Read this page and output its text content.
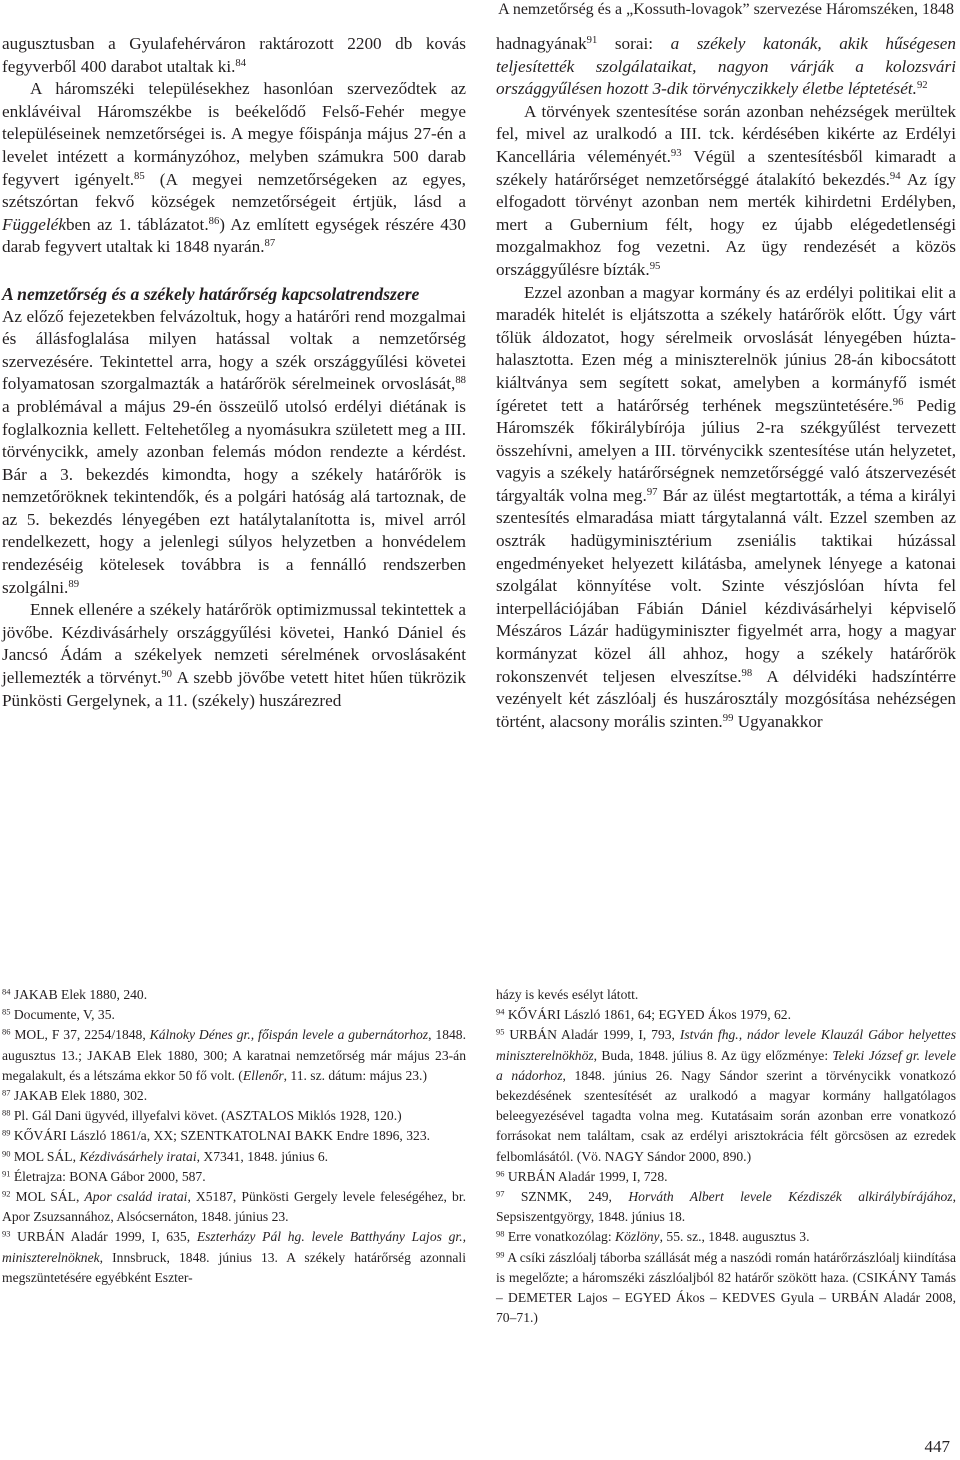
A nemzetőrség és a „Kossuth-lovagok” szervezése Háromszéken, 1848

augusztusban a Gyulafehérváron raktározott 2200 db kovás fegyverből 400 darabot utaltak ki.$^{84}$

A háromszéki településekhez hasonlóan szerveződtek az enklávéival Háromszékbe is beékelődő Felső-Fehér megye településeinek nemzetőrségei is. A megye főispánja május 27-én a levelet intézett a kormányzóhoz, melyben számukra 500 darab fegyvert igényelt.$^{85}$ (A megyei nemzetőrségeken az egyes, szétszórtan fekvő községek nemzetőrségeit értjük, lásd a Függelékben az 1. táblázatot.$^{86}$) Az említett egységek részére 430 darab fegyvert utaltak ki 1848 nyarán.$^{87}$

A nemzetőrség és a székely határőrség kapcsolatrendszere

Az előző fejezetekben felvázoltuk, hogy a határőri rend mozgalmai és állásfoglalása milyen hatással voltak a nemzetőrség szervezésére. Tekintettel arra, hogy a szék országgyűlési követei folyamatosan szorgalmazták a határőrök sérelmeinek orvoslását,$^{88}$ a problémával a május 29-én összeülő utolsó erdélyi diétának is foglalkoznia kellett. Feltehetőleg a nyomásukra született meg a III. törvénycikk, amely azonban felemás módon rendezte a kérdést. Bár a 3. bekezdés kimondta, hogy a székely határőrök is nemzetőröknek tekintendők, és a polgári hatóság alá tartoznak, de az 5. bekezdés lényegében ezt hatálytalanította is, mivel arról rendelkezett, hogy a jelenlegi súlyos helyzetben a honvédelem rendezéséig kötelesek továbbra is a fennálló rendszerben szolgálni.$^{89}$

Ennek ellenére a székely határőrök optimizmussal tekintettek a jövőbe. Kézdivásárhely országgyűlési követei, Hankó Dániel és Jancsó Ádám a székelyek nemzeti sérelmének orvoslásaként jellemezték a törvényt.$^{90}$ A szebb jövőbe vetett hitet hűen tükrözik Pünkösti Gergelynek, a 11. (székely) huszárezred

hadnagyának$^{91}$ sorai: a székely katonák, akik hűségesen teljesítették szolgálataikat, nagyon várják a kolozsvári országgyűlésen hozott 3-dik törvényczikkely életbe léptetését.$^{92}$

A törvények szentesítése során azonban nehézségek merültek fel, mivel az uralkodó a III. tck. kérdésében kikérte az Erdélyi Kancellária véleményét.$^{93}$ Végül a szentesítésből kimaradt a székely határőrséget nemzetőrséggé átalakító bekezdés.$^{94}$ Az így elfogadott törvényt azonban nem merték kihirdetni Erdélyben, mert a Gubernium félt, hogy ez újabb elégedetlenségi mozgalmakhoz fog vezetni. Az ügy rendezését a közös országgyűlésre bízták.$^{95}$

Ezzel azonban a magyar kormány és az erdélyi politikai elit a maradék hitelét is eljátszotta a székely határőrök előtt. Úgy várt tőlük áldozatot, hogy sérelmeik orvoslását lényegében húzta-halasztotta. Ezen még a miniszterelnök június 28-án kibocsátott kiáltványa sem segített sokat, amelyben a kormányfő ismét ígéretet tett a határőrség terhének megszüntetésére.$^{96}$ Pedig Háromszék főkirálybírója július 2-ra székgyűlést tervezett összehívni, amelyen a III. törvénycikk szentesítése után helyzetet, vagyis a székely határőrségnek nemzetőrséggé való átszervezését tárgyalták volna meg.$^{97}$ Bár az ülést megtartották, a téma a királyi szentesítés elmaradása miatt tárgytalanná vált. Ezzel szemben az osztrák hadügyminisztérium zseniális taktikai húzással engedményeket helyezett kilátásba, amelynek lényege a katonai szolgálat könnyítése volt. Szinte vészjóslóan hívta fel interpellációjában Fábián Dániel kézdivásárhelyi képviselő Mészáros Lázár hadügyminiszter figyelmét arra, hogy a magyar kormányzat közel áll ahhoz, hogy a székely határőrök rokonszenvét teljesen elveszítse.$^{98}$ A délvidéki hadszíntérre vezényelt két zászlóalj és huszárosztály mozgósítása nehézségen történt, alacsony morális szinten.$^{99}$ Ugyanakkor

$^{84}$ JAKAB Elek 1880, 240.

$^{85}$ Documente, V, 35.

$^{86}$ MOL, F 37, 2254/1848, Kálnoky Dénes gr., főispán levele a gubernátorhoz, 1848. augusztus 13.; JAKAB Elek 1880, 300; A karatnai nemzetőrség már május 23-án megalakult, és a létszáma ekkor 50 fő volt. (Ellenőr, 11. sz. dátum: május 23.)

$^{87}$ JAKAB Elek 1880, 302.

$^{88}$ Pl. Gál Dani ügyvéd, illyefalvi követ. (ASZTALOS Miklós 1928, 120.)

$^{89}$ KŐVÁRI László 1861/a, XX; SZENTKATOLNAI BAKK Endre 1896, 323.

$^{90}$ MOL SÁL, Kézdivásárhely iratai, X7341, 1848. június 6.

$^{91}$ Életrajza: BONA Gábor 2000, 587.

$^{92}$ MOL SÁL, Apor család iratai, X5187, Pünkösti Gergely levele feleségéhez, br. Apor Zsuzsannához, Alsócsernáton, 1848. június 23.

$^{93}$ URBÁN Aladár 1999, I, 635, Eszterházy Pál hg. levele Batthyány Lajos gr., miniszterelnöknek, Innsbruck, 1848. június 13. A székely határőrség azonnali megszüntetésére egyébként Eszter-

házy is kevés esélyt látott.

$^{94}$ KŐVÁRI László 1861, 64; EGYED Ákos 1979, 62.

$^{95}$ URBÁN Aladár 1999, I, 793, István fhg., nádor levele Klauzál Gábor helyettes miniszterelnökhöz, Buda, 1848. július 8. Az ügy előzménye: Teleki József gr. levele a nádorhoz, 1848. június 26. Nagy Sándor szerint a törvénycikk vonatkozó bekezdésének szentesítését az uralkodó a magyar kormány hallgatólagos beleegyezésével tagadta volna meg. Kutatásaim során azonban erre vonatkozó forrásokat nem találtam, csak az erdélyi arisztokrácia félt görcsösen az ezredek felbomlásától. (Vö. NAGY Sándor 2000, 890.)

$^{96}$ URBÁN Aladár 1999, I, 728.

$^{97}$ SZNMK, 249, Horváth Albert levele Kézdiszék alkirálybírájához, Sepsiszentgyörgy, 1848. június 18.

$^{98}$ Erre vonatkozólag: Közlöny, 55. sz., 1848. augusztus 3.

$^{99}$ A csíki zászlóalj táborba szállását még a naszódi román határőrzászlóalj kiindítása is megelőzte; a háromszéki zászlóaljból 82 határőr szökött haza. (CSIKÁNY Tamás – DEMETER Lajos – EGYED Ákos – KEDVES Gyula – URBÁN Aladár 2008, 70–71.)

447
